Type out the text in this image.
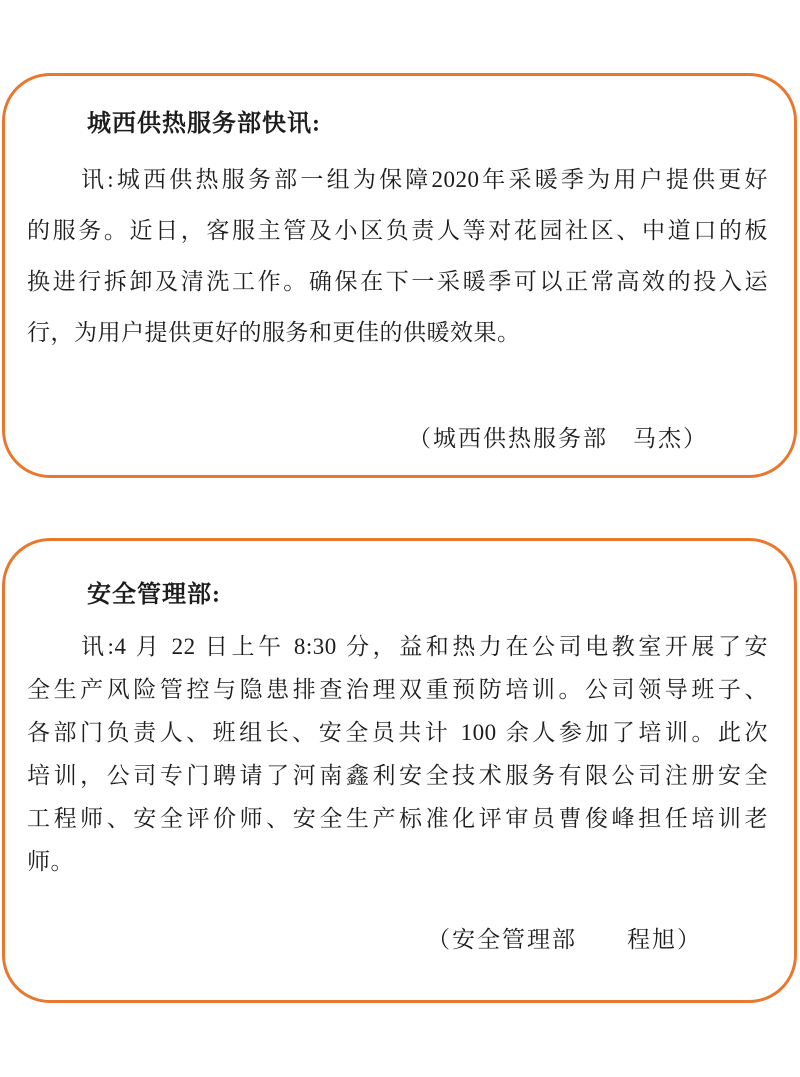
城西供热服务部快讯:
讯:城西供热服务部一组为保障2020年采暖季为用户提供更好
的服务。近日，客服主管及小区负责人等对花园社区、中道口的板
换进行拆卸及清洗工作。确保在下一采暖季可以正常高效的投入运
行，为用户提供更好的服务和更佳的供暖效果。
（城西供热服务部　马杰）
安全管理部:
讯:4 月 22 日上午 8:30 分，益和热力在公司电教室开展了安
全生产风险管控与隐患排查治理双重预防培训。公司领导班子、
各部门负责人、班组长、安全员共计 100 余人参加了培训。此次
培训，公司专门聘请了河南鑫利安全技术服务有限公司注册安全
工程师、安全评价师、安全生产标准化评审员曹俊峰担任培训老
师。
（安全管理部　　程旭）
